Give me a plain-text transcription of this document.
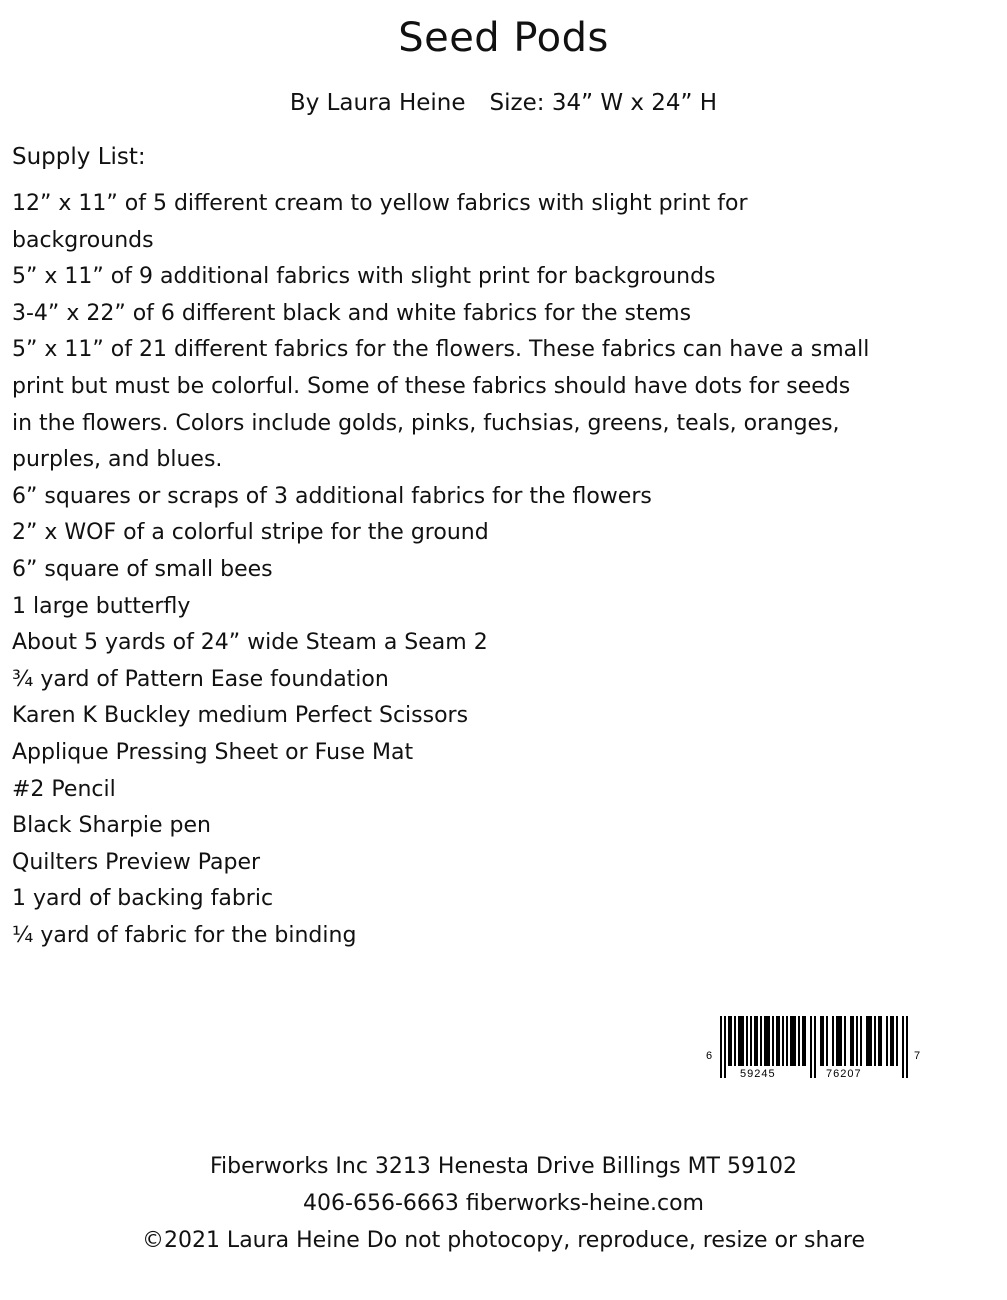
Seed Pods
By Laura Heine Size: 34” W x 24” H
Supply List:
12” x 11” of 5 different cream to yellow fabrics with slight print for
backgrounds
5” x 11” of 9 additional fabrics with slight print for backgrounds
3-4” x 22” of 6 different black and white fabrics for the stems
5” x 11” of 21 different fabrics for the flowers. These fabrics can have a small
print but must be colorful. Some of these fabrics should have dots for seeds
in the flowers. Colors include golds, pinks, fuchsias, greens, teals, oranges,
purples, and blues.
6” squares or scraps of 3 additional fabrics for the flowers
2” x WOF of a colorful stripe for the ground
6” square of small bees
1 large butterfly
About 5 yards of 24” wide Steam a Seam 2
¾ yard of Pattern Ease foundation
Karen K Buckley medium Perfect Scissors
Applique Pressing Sheet or Fuse Mat
#2 Pencil
Black Sharpie pen
Quilters Preview Paper
1 yard of backing fabric
¼ yard of fabric for the binding
6
59245	76207
7
Fiberworks Inc 3213 Henesta Drive Billings MT 59102
406-656-6663 fiberworks-heine.com
©2021 Laura Heine Do not photocopy, reproduce, resize or share
